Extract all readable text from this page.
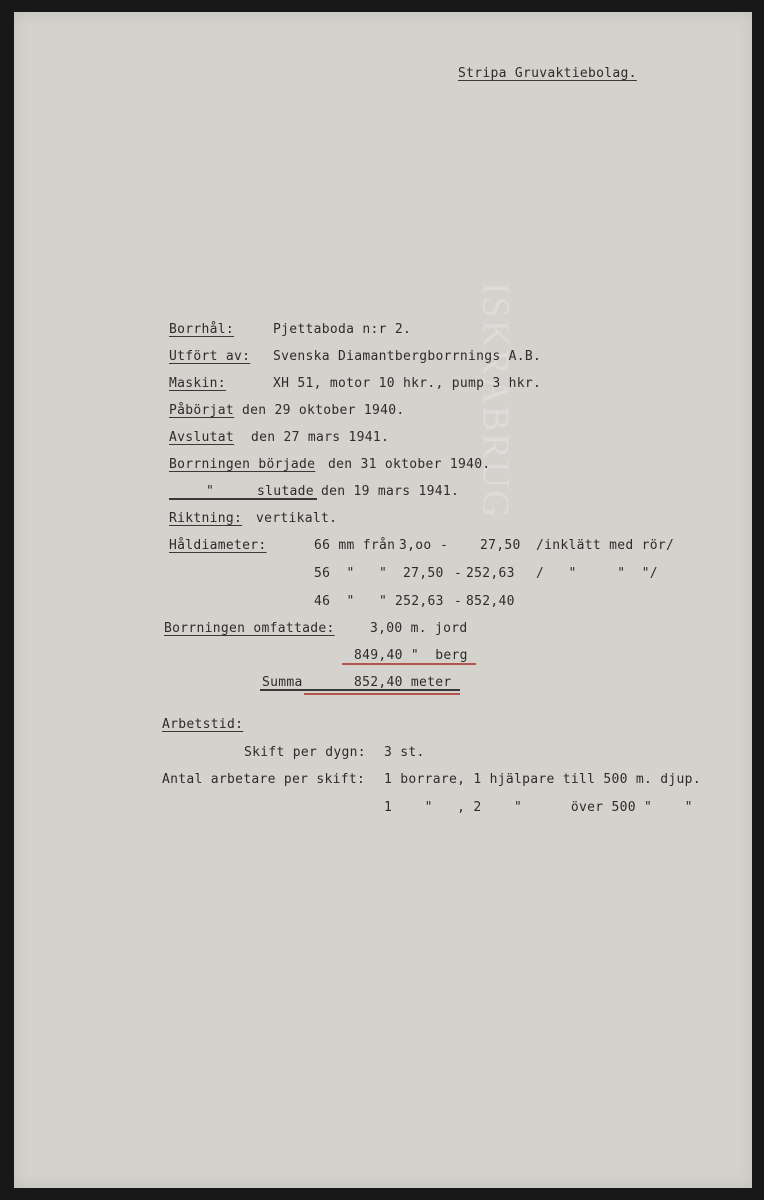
ISKRABRUG
Stripa Gruvaktiebolag.
Borrhål:	Pjettaboda n:r 2.
Utfört av: Svenska Diamantbergborrnings A.B.
Maskin:	XH 51, motor 10 hkr., pump 3 hkr.
Påbörjat den 29 oktober 1940.
Avslutat den 27 mars 1941.
Borrningen började den 31 oktober 1940.
"	slutade den 19 mars 1941.
Riktning: vertikalt.
Håldiameter:	66 mm från 3,oo - 27,50 /inklätt med rör/
56  "   " 27,50 - 252,63 /   "     "  "/
46  "   " 252,63 - 852,40
Borrningen omfattade:	3,00 m. jord
849,40 "  berg
Summa	852,40 meter
Arbetstid:
Skift per dygn: 3 st.
Antal arbetare per skift: 1 borrare, 1 hjälpare till 500 m. djup.
1    "   , 2    "      över 500 "    "
